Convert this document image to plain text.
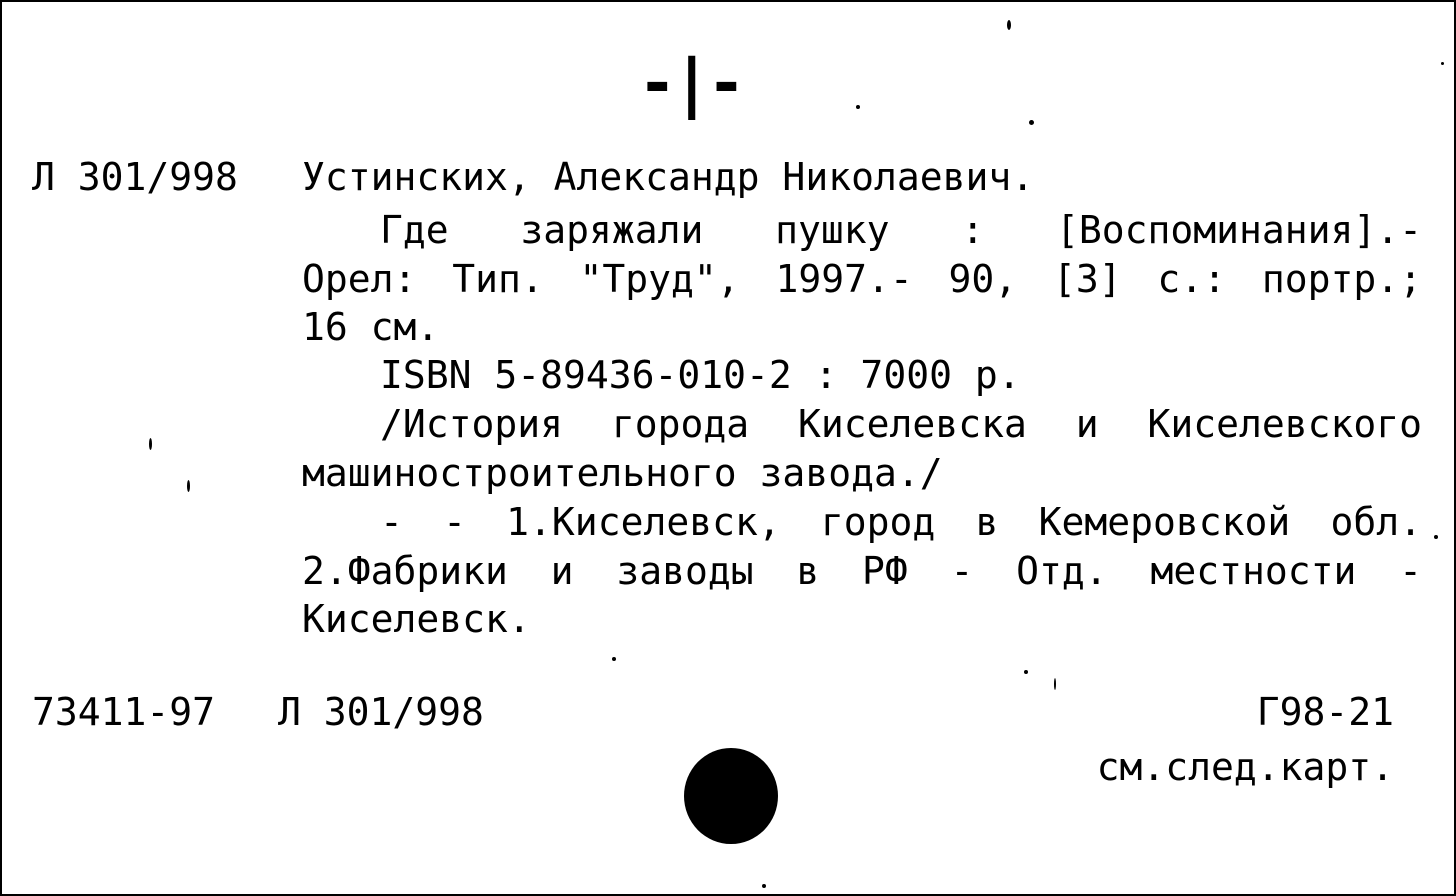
-|-
Л 301/998 Устинских, Александр Николаевич.
Где заряжали пушку : [Воспоминания].-
Орел: Тип. "Труд", 1997.- 90, [3] с.: портр.;
16 см.
ISBN 5-89436-010-2 : 7000 р.
/История города Киселевска и Киселевского
машиностроительного завода./
- - 1.Киселевск, город в Кемеровской обл.
2.Фабрики и заводы в РФ - Отд. местности -
Киселевск.
73411-97 Л 301/998	Г98-21
см.след.карт.
